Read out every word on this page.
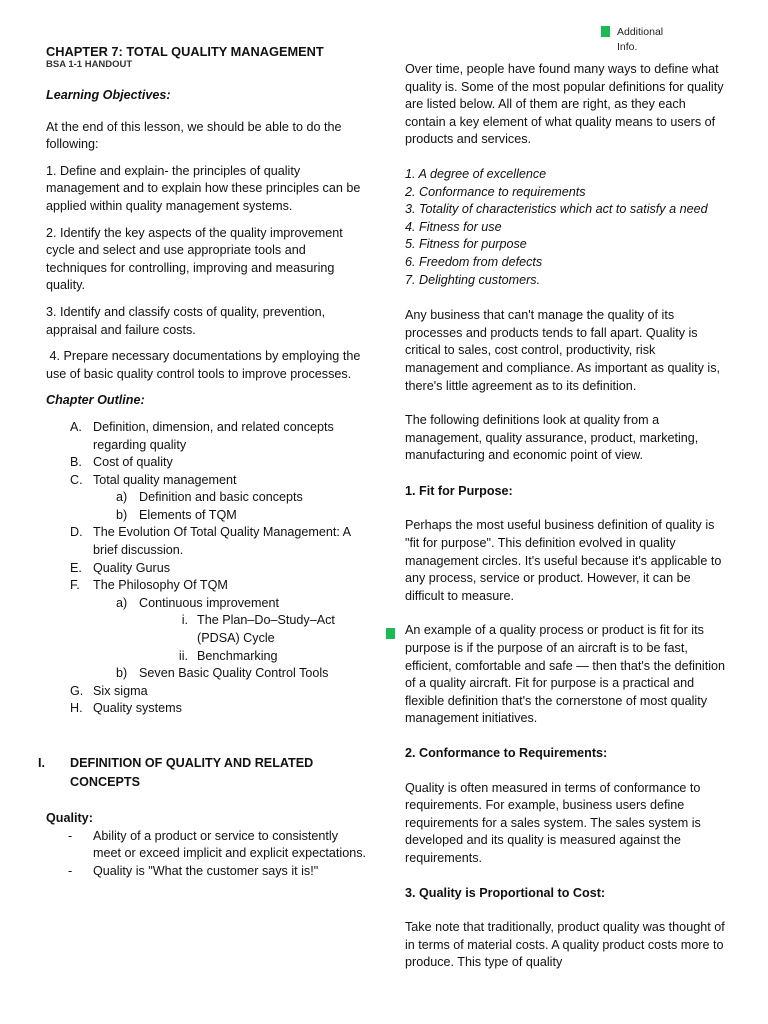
Additional
Info.

CHAPTER 7: TOTAL QUALITY MANAGEMENT

BSA 1-1 HANDOUT

Learning Objectives:

At the end of this lesson, we should be able to do the following:

1. Define and explain- the principles of quality management and to explain how these principles can be applied within quality management systems.

2. Identify the key aspects of the quality improvement cycle and select and use appropriate tools and techniques for controlling, improving and measuring quality.

3. Identify and classify costs of quality, prevention, appraisal and failure costs.

4. Prepare necessary documentations by employing the use of basic quality control tools to improve processes.

Chapter Outline:

A. Definition, dimension, and related concepts regarding quality
B. Cost of quality
C. Total quality management
a) Definition and basic concepts
b) Elements of TQM
D. The Evolution Of Total Quality Management: A brief discussion.
E. Quality Gurus
F. The Philosophy Of TQM
a) Continuous improvement
i. The Plan–Do–Study–Act (PDSA) Cycle
ii. Benchmarking
b) Seven Basic Quality Control Tools
G. Six sigma
H. Quality systems
I. DEFINITION OF QUALITY AND RELATED CONCEPTS

Quality:

- Ability of a product or service to consistently meet or exceed implicit and explicit expectations.
- Quality is "What the customer says it is!"

Over time, people have found many ways to define what quality is. Some of the most popular definitions for quality are listed below. All of them are right, as they each contain a key element of what quality means to users of products and services.

1. A degree of excellence

2. Conformance to requirements

3. Totality of characteristics which act to satisfy a need

4. Fitness for use

5. Fitness for purpose

6. Freedom from defects

7. Delighting customers.

Any business that can't manage the quality of its processes and products tends to fall apart. Quality is critical to sales, cost control, productivity, risk management and compliance. As important as quality is, there's little agreement as to its definition.

The following definitions look at quality from a management, quality assurance, product, marketing, manufacturing and economic point of view.

1. Fit for Purpose:

Perhaps the most useful business definition of quality is "fit for purpose". This definition evolved in quality management circles. It's useful because it's applicable to any process, service or product. However, it can be difficult to measure.

An example of a quality process or product is fit for its purpose is if the purpose of an aircraft is to be fast, efficient, comfortable and safe — then that's the definition of a quality aircraft. Fit for purpose is a practical and flexible definition that's the cornerstone of most quality management initiatives.

2. Conformance to Requirements:

Quality is often measured in terms of conformance to requirements. For example, business users define requirements for a sales system. The sales system is developed and its quality is measured against the requirements.

3. Quality is Proportional to Cost:

Take note that traditionally, product quality was thought of in terms of material costs. A quality product costs more to produce. This type of quality
